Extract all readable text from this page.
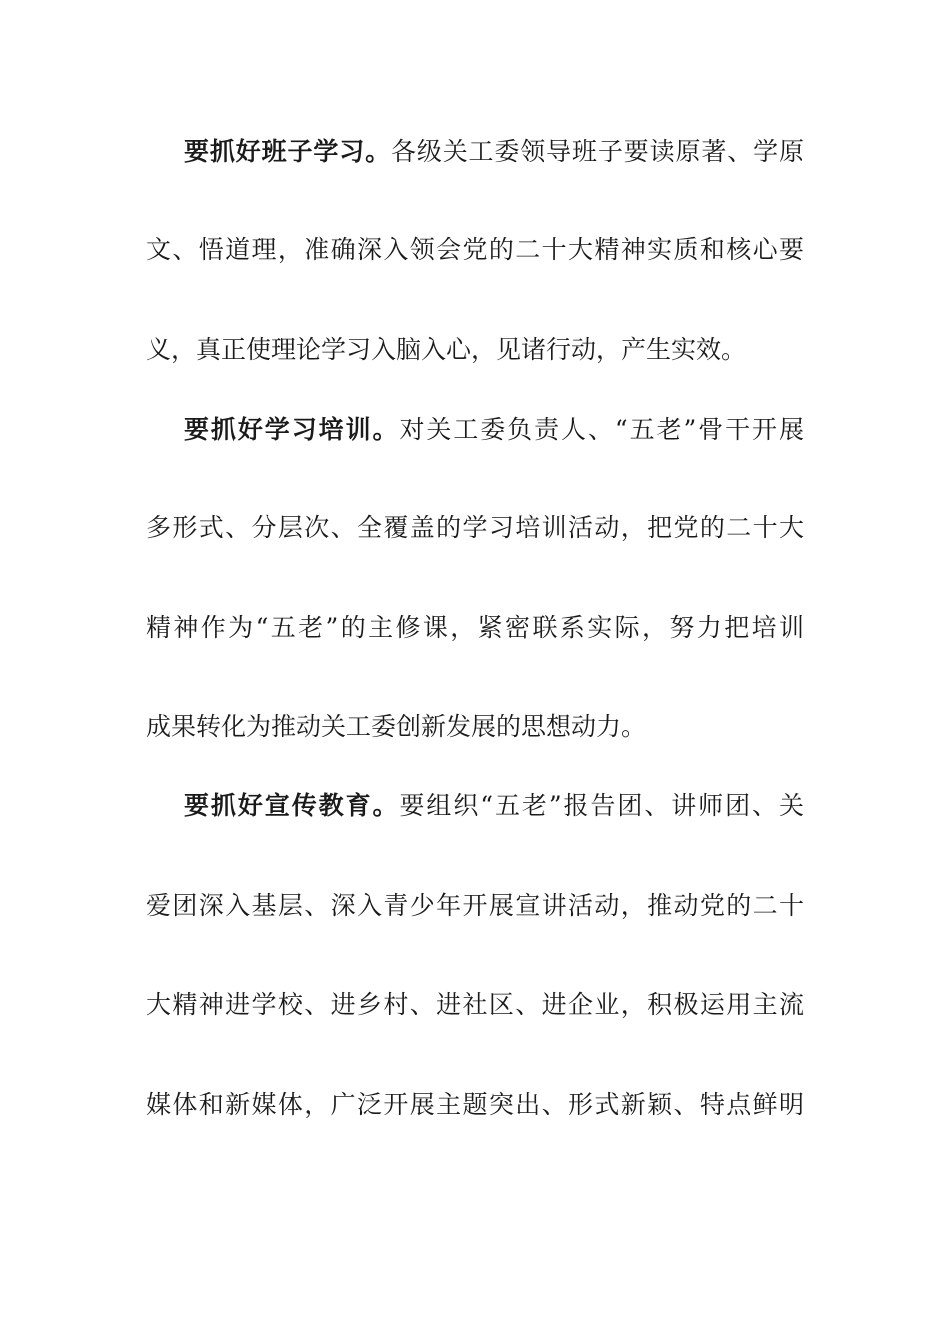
要抓好班子学习。各级关工委领导班子要读原著、学原
文、悟道理，准确深入领会党的二十大精神实质和核心要
义，真正使理论学习入脑入心，见诸行动，产生实效。
要抓好学习培训。对关工委负责人、“五老”骨干开展
多形式、分层次、全覆盖的学习培训活动，把党的二十大
精神作为“五老”的主修课，紧密联系实际，努力把培训
成果转化为推动关工委创新发展的思想动力。
要抓好宣传教育。要组织“五老”报告团、讲师团、关
爱团深入基层、深入青少年开展宣讲活动，推动党的二十
大精神进学校、进乡村、进社区、进企业，积极运用主流
媒体和新媒体，广泛开展主题突出、形式新颖、特点鲜明
